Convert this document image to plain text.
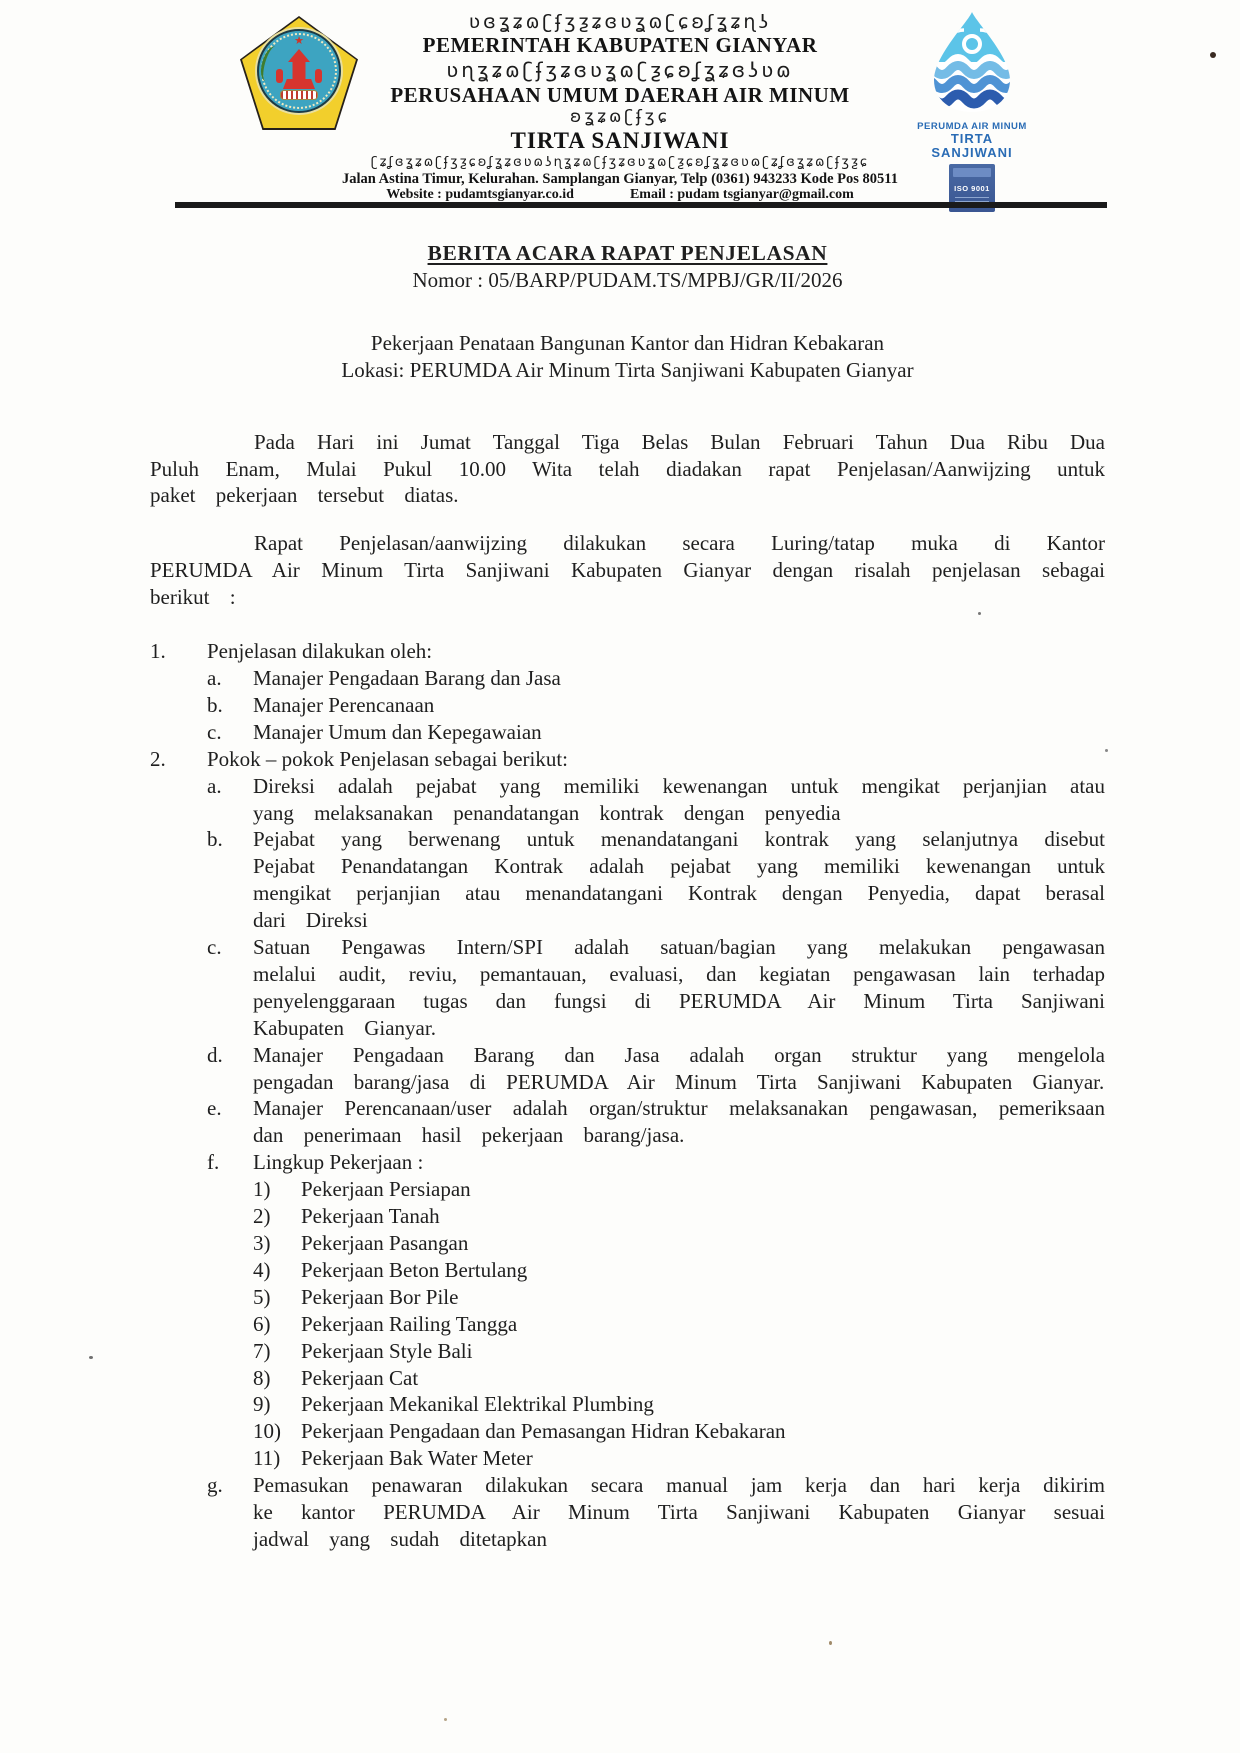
★
ʋɞʓʑɷʗʄʒƺʑɞʋʓɷʗɕʚʆʓʑɳʖ
PEMERINTAH KABUPATEN GIANYAR
ʋɳʓʑɷʗʄʒʑɞʋʓɷʗƺɕʚʆʓʑɞʖʋɷ
PERUSAHAAN UMUM DAERAH AIR MINUM
ʚʓʑɷʗʄʒɕ
TIRTA SANJIWANI
ʗʑʆɞʓʑɷʗʄʒƺɕʚʆʓʑɞʋɷʖɳʓʑɷʗʄʒʑɞʋʓɷʗƺɕʚʆʓʑɞʋɷʗʑʆɞʓʑɷʗʄʒƺɕ
Jalan Astina Timur, Kelurahan. Samplangan Gianyar, Telp (0361) 943233 Kode Pos 80511
Website : pudamtsgianyar.co.id	Email : pudam tsgianyar@gmail.com
PERUMDA AIR MINUM
TIRTA SANJIWANI
ISO 9001
BERITA ACARA RAPAT PENJELASAN
Nomor : 05/BARP/PUDAM.TS/MPBJ/GR/II/2026
Pekerjaan Penataan Bangunan Kantor dan Hidran Kebakaran
Lokasi: PERUMDA Air Minum Tirta Sanjiwani Kabupaten Gianyar

Pada Hari ini Jumat Tanggal Tiga Belas Bulan Februari Tahun Dua Ribu Dua Puluh Enam, Mulai Pukul 10.00 Wita telah diadakan rapat Penjelasan/Aanwijzing untuk paket pekerjaan tersebut diatas.

Rapat Penjelasan/aanwijzing dilakukan secara Luring/tatap muka di Kantor PERUMDA Air Minum Tirta Sanjiwani Kabupaten Gianyar dengan risalah penjelasan sebagai berikut :

1.	Penjelasan dilakukan oleh:
a.	Manajer Pengadaan Barang dan Jasa
b.	Manajer Perencanaan
c.	Manajer Umum dan Kepegawaian
2.	Pokok – pokok Penjelasan sebagai berikut:
a.	Direksi adalah pejabat yang memiliki kewenangan untuk mengikat perjanjian atau yang melaksanakan penandatangan kontrak dengan penyedia
b.	Pejabat yang berwenang untuk menandatangani kontrak yang selanjutnya disebut Pejabat Penandatangan Kontrak adalah pejabat yang memiliki kewenangan untuk mengikat perjanjian atau menandatangani Kontrak dengan Penyedia, dapat berasal dari Direksi
c.	Satuan Pengawas Intern/SPI adalah satuan/bagian yang melakukan pengawasan melalui audit, reviu, pemantauan, evaluasi, dan kegiatan pengawasan lain terhadap penyelenggaraan tugas dan fungsi di PERUMDA Air Minum Tirta Sanjiwani Kabupaten Gianyar.
d.	Manajer Pengadaan Barang dan Jasa adalah organ struktur yang mengelola pengadan barang/jasa di PERUMDA Air Minum Tirta Sanjiwani Kabupaten Gianyar.
e.	Manajer Perencanaan/user adalah organ/struktur melaksanakan pengawasan, pemeriksaan dan penerimaan hasil pekerjaan barang/jasa.
f.	Lingkup Pekerjaan :
1)	Pekerjaan Persiapan
2)	Pekerjaan Tanah
3)	Pekerjaan Pasangan
4)	Pekerjaan Beton Bertulang
5)	Pekerjaan Bor Pile
6)	Pekerjaan Railing Tangga
7)	Pekerjaan Style Bali
8)	Pekerjaan Cat
9)	Pekerjaan Mekanikal Elektrikal Plumbing
10) Pekerjaan Pengadaan dan Pemasangan Hidran Kebakaran
11) Pekerjaan Bak Water Meter
g.	Pemasukan penawaran dilakukan secara manual jam kerja dan hari kerja dikirim ke kantor PERUMDA Air Minum Tirta Sanjiwani Kabupaten Gianyar sesuai jadwal yang sudah ditetapkan
